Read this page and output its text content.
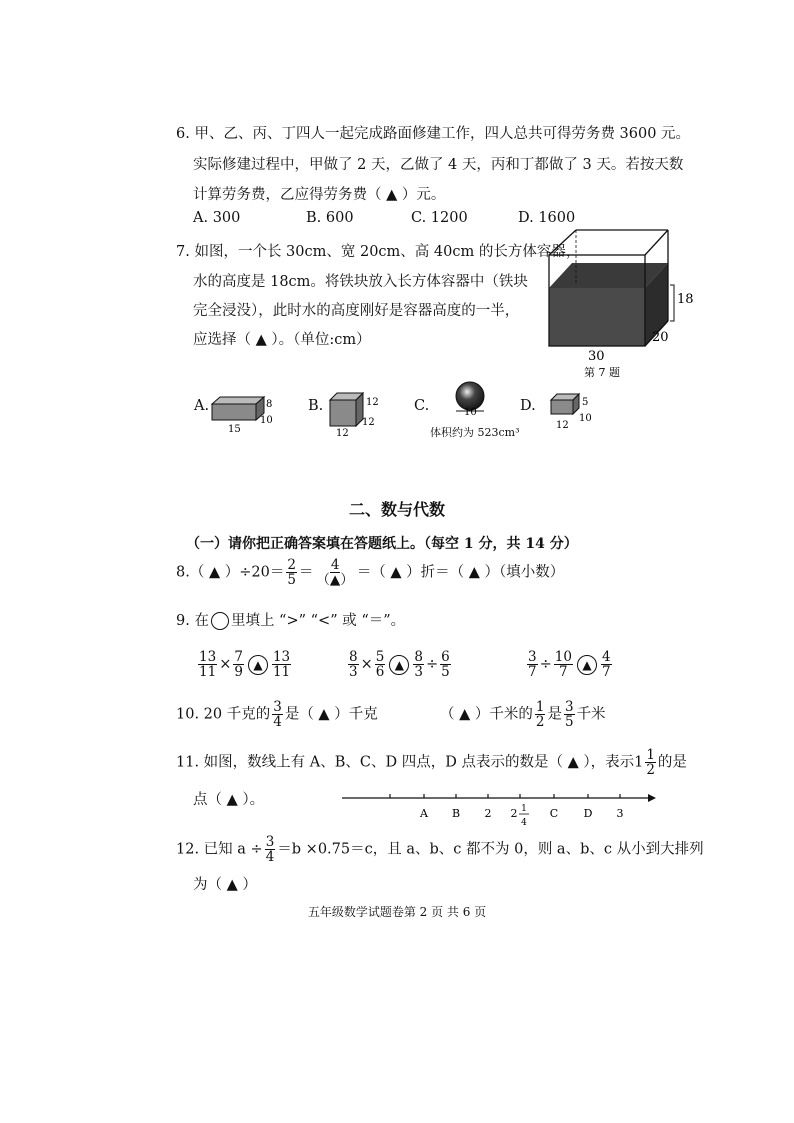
6. 甲、乙、丙、丁四人一起完成路面修建工作，四人总共可得劳务费 3600 元。
实际修建过程中，甲做了 2 天，乙做了 4 天，丙和丁都做了 3 天。若按天数
计算劳务费，乙应得劳务费（ ▲ ）元。
A. 300	B. 600	C. 1200	D. 1600
7. 如图，一个长 30cm、宽 20cm、高 40cm 的长方体容器，
水的高度是 18cm。将铁块放入长方体容器中（铁块
完全浸没），此时水的高度刚好是容器高度的一半，
应选择（ ▲ ）。（单位:cm）
18
20
30
第 7 题
A.	8
10
15
B.	12
12
12
C.	10
体积约为 523cm³
D.	5
10
12
二、数与代数
（一）请你把正确答案填在答题纸上。（每空 1 分，共 14 分）
8.（ ▲ ）$\div 20= \frac{2}{5} = \frac{4}{(▲)}$ ＝（ ▲ ）折＝（ ▲ ）（填小数）
9. 在 里填上 “>” “<” 或 “＝”。
$\frac{13}{11} \times \frac{7}{9}$ ▲ $\frac{13}{11}$	$\frac{8}{3} \times \frac{5}{6}$ ▲ $\frac{8}{3} \div \frac{6}{5}$	$\frac{3}{7} \div \frac{10}{7}$ ▲ $\frac{4}{7}$
10. 20 千克的 $\frac{3}{4}$ 是（ ▲ ）千克	（ ▲ ）千米的 $\frac{1}{2}$ 是 $\frac{3}{5}$ 千米
11. 如图，数线上有 A、B、C、D 四点，D 点表示的数是（ ▲ ），表示$1 \frac{1}{2}$ 的是
点（ ▲ ）。
A B 2 2 1
4
C D 3
12. 已知 $a \div \frac{3}{4} =b \times 0.75=c$，且 a、b、c 都不为 0，则 a、b、c 从小到大排列
为（ ▲ ）
五年级数学试题卷第 2 页 共 6 页
